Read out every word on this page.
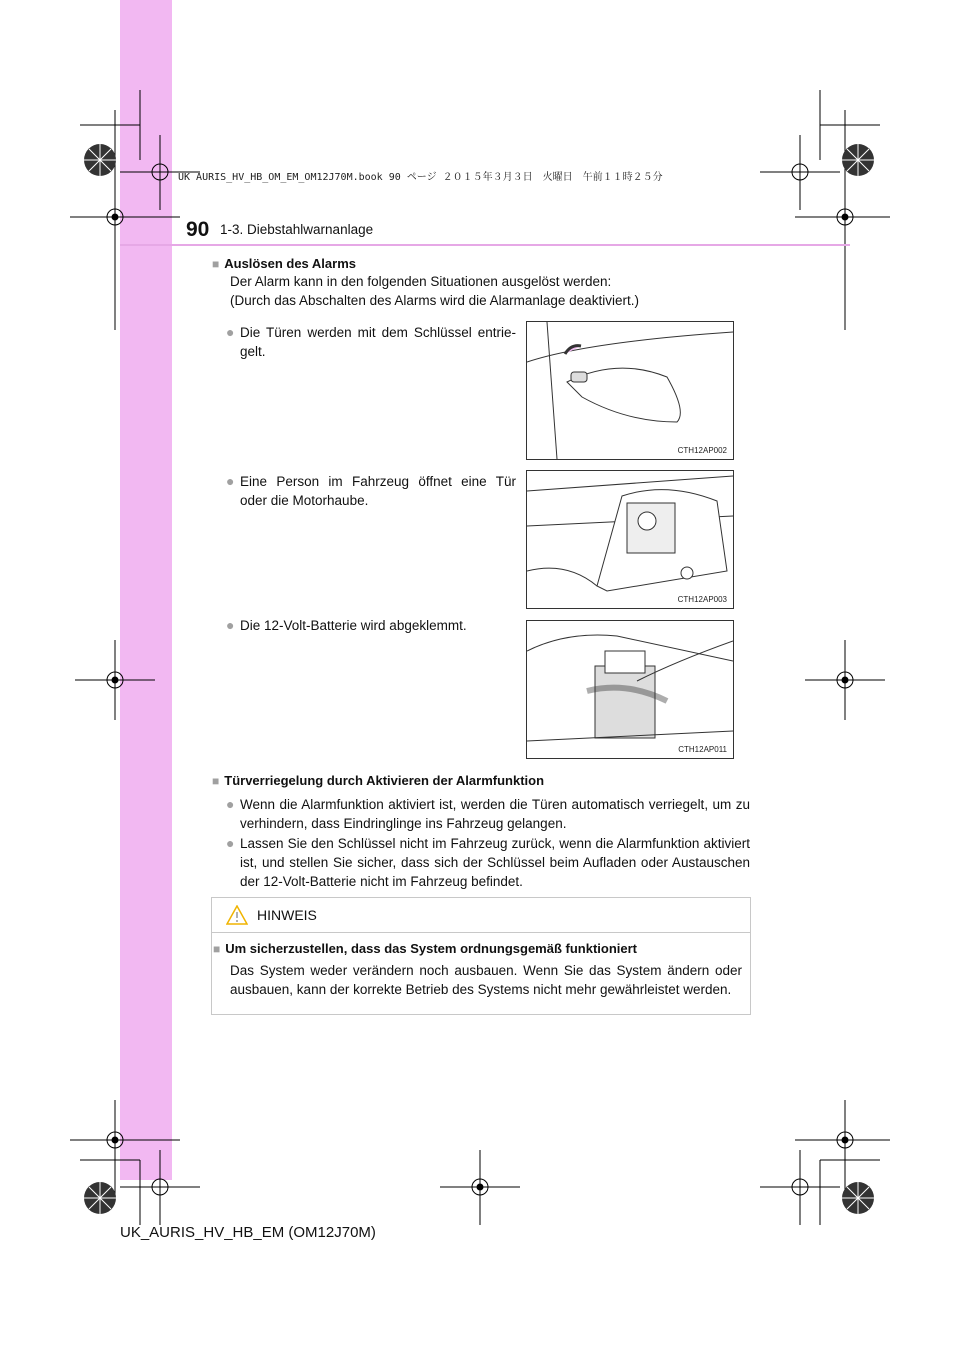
UK AURIS_HV_HB_OM_EM_OM12J70M.book 90 ページ ２０１５年３月３日　火曜日　午前１１時２５分
90 1-3. Diebstahlwarnanlage
■ Auslösen des Alarms
Der Alarm kann in den folgenden Situationen ausgelöst werden:
(Durch das Abschalten des Alarms wird die Alarmanlage deaktiviert.)
● Die Türen werden mit dem Schlüssel entrie-
gelt.
CTH12AP002
● Eine Person im Fahrzeug öffnet eine Tür
oder die Motorhaube.
CTH12AP003
● Die 12-Volt-Batterie wird abgeklemmt.
CTH12AP011
■ Türverriegelung durch Aktivieren der Alarmfunktion
● Wenn die Alarmfunktion aktiviert ist, werden die Türen automatisch verriegelt, um zu
verhindern, dass Eindringlinge ins Fahrzeug gelangen.
● Lassen Sie den Schlüssel nicht im Fahrzeug zurück, wenn die Alarmfunktion aktiviert
ist, und stellen Sie sicher, dass sich der Schlüssel beim Aufladen oder Austauschen
der 12-Volt-Batterie nicht im Fahrzeug befindet.
HINWEIS
■ Um sicherzustellen, dass das System ordnungsgemäß funktioniert
Das System weder verändern noch ausbauen. Wenn Sie das System ändern oder
ausbauen, kann der korrekte Betrieb des Systems nicht mehr gewährleistet werden.
UK_AURIS_HV_HB_EM (OM12J70M)
